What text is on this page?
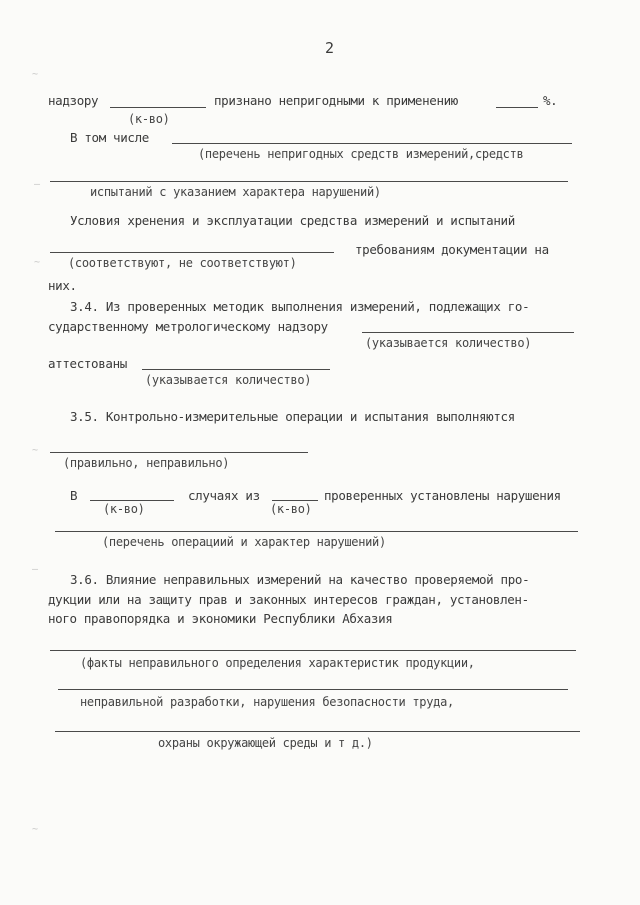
2
~
–
~
~
–
~
надзору	признано непригодными к применению	%.
(к-во)
В том числе
(перечень непригодных средств измерений,средств
испытаний с указанием характера нарушений)
Условия хренения и эксплуатации средства измерений и испытаний
требованиям документации на
(соответствуют, не соответствуют)
них.
3.4. Из проверенных методик выполнения измерений, подлежащих го-
сударственному метрологическому надзору
(указывается количество)
аттестованы
(указывается количество)
3.5. Контрольно-измерительные операции и испытания выполняются
(правильно, неправильно)
В	случаях из	проверенных установлены нарушения
(к-во)	(к-во)
(перечень операциий и характер нарушений)
3.6. Влияние неправильных измерений на качество проверяемой про-
дукции или на защиту прав и законных интересов граждан, установлен-
ного правопорядка и экономики Республики Абхазия
(факты неправильного определения характеристик продукции,
неправильной разработки, нарушения безопасности труда,
охраны окружающей среды и т д.)
